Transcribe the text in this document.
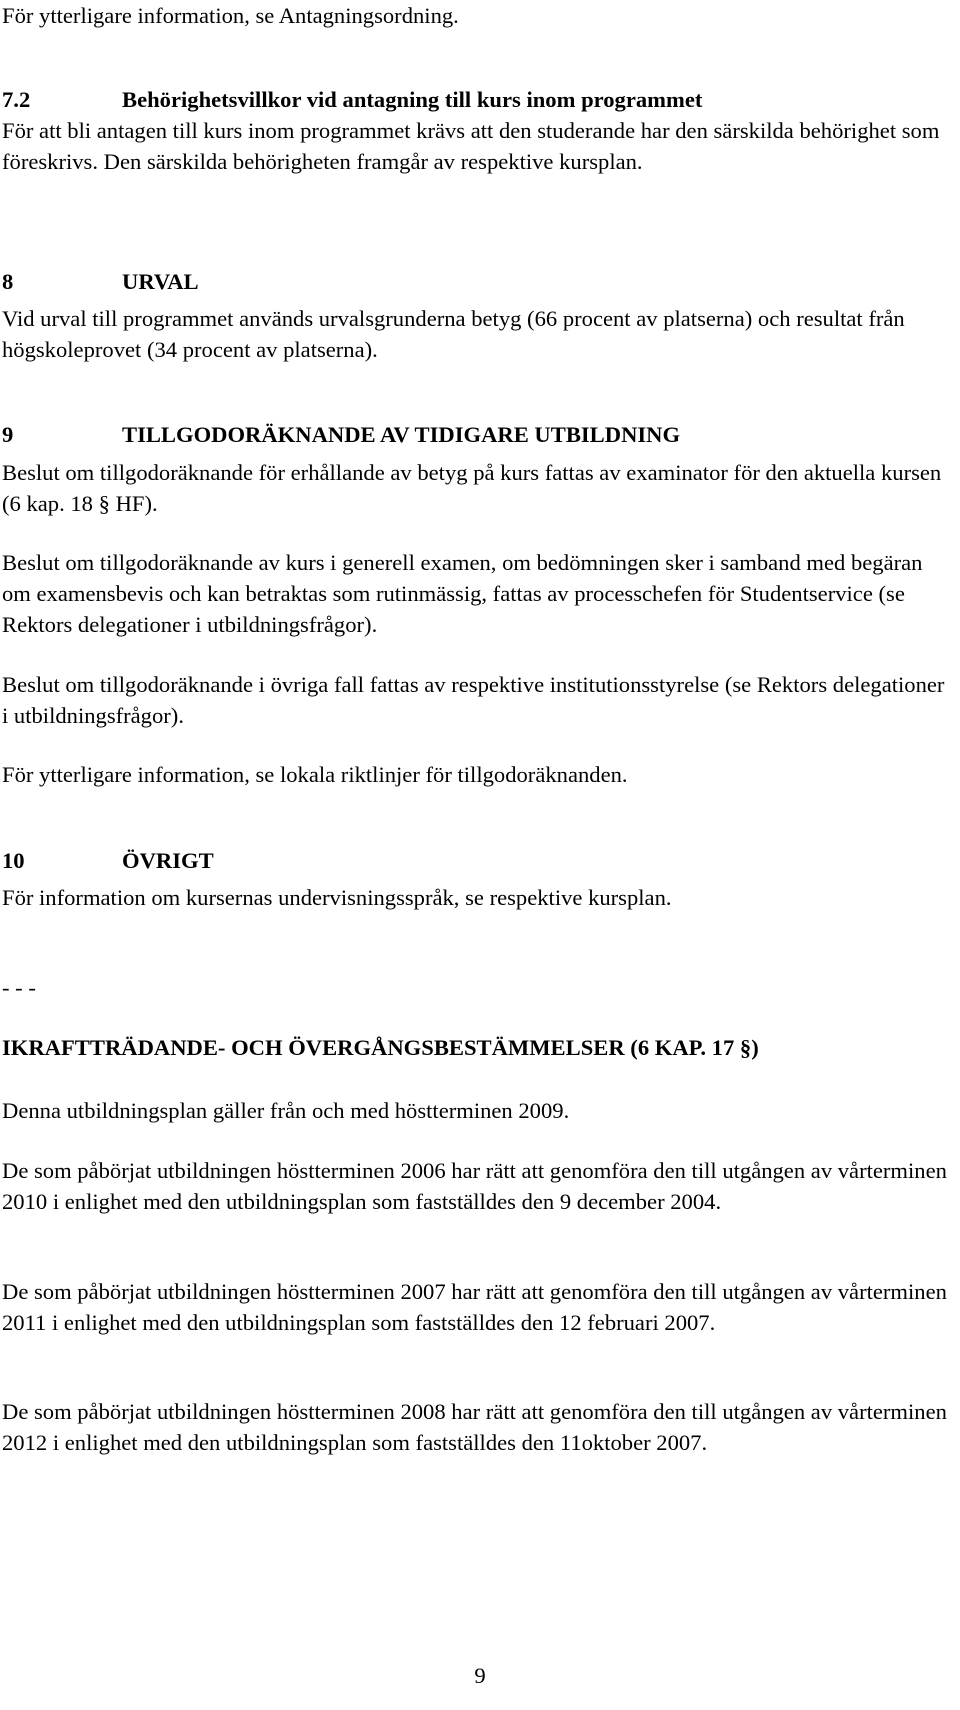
För ytterligare information, se Antagningsordning.

7.2	Behörighetsvillkor vid antagning till kurs inom programmet

För att bli antagen till kurs inom programmet krävs att den studerande har den särskilda behörighet som föreskrivs. Den särskilda behörigheten framgår av respektive kursplan.

8	URVAL

Vid urval till programmet används urvalsgrunderna betyg (66 procent av platserna) och resultat från högskoleprovet (34 procent av platserna).

9	TILLGODORÄKNANDE AV TIDIGARE UTBILDNING

Beslut om tillgodoräknande för erhållande av betyg på kurs fattas av examinator för den aktuella kursen (6 kap. 18 § HF).

Beslut om tillgodoräknande av kurs i generell examen, om bedömningen sker i samband med begäran om examensbevis och kan betraktas som rutinmässig, fattas av processchefen för Studentservice (se Rektors delegationer i utbildningsfrågor).

Beslut om tillgodoräknande i övriga fall fattas av respektive institutionsstyrelse (se Rektors delegationer i utbildningsfrågor).

För ytterligare information, se lokala riktlinjer för tillgodoräknanden.

10	ÖVRIGT

För information om kursernas undervisningsspråk, se respektive kursplan.

- - -

IKRAFTTRÄDANDE- OCH ÖVERGÅNGSBESTÄMMELSER (6 KAP. 17 §)

Denna utbildningsplan gäller från och med höstterminen 2009.

De som påbörjat utbildningen höstterminen 2006 har rätt att genomföra den till utgången av vårterminen 2010 i enlighet med den utbildningsplan som fastställdes den 9 december 2004.

De som påbörjat utbildningen höstterminen 2007 har rätt att genomföra den till utgången av vårterminen 2011 i enlighet med den utbildningsplan som fastställdes den 12 februari 2007.

De som påbörjat utbildningen höstterminen 2008 har rätt att genomföra den till utgången av vårterminen 2012 i enlighet med den utbildningsplan som fastställdes den 11oktober 2007.

9
